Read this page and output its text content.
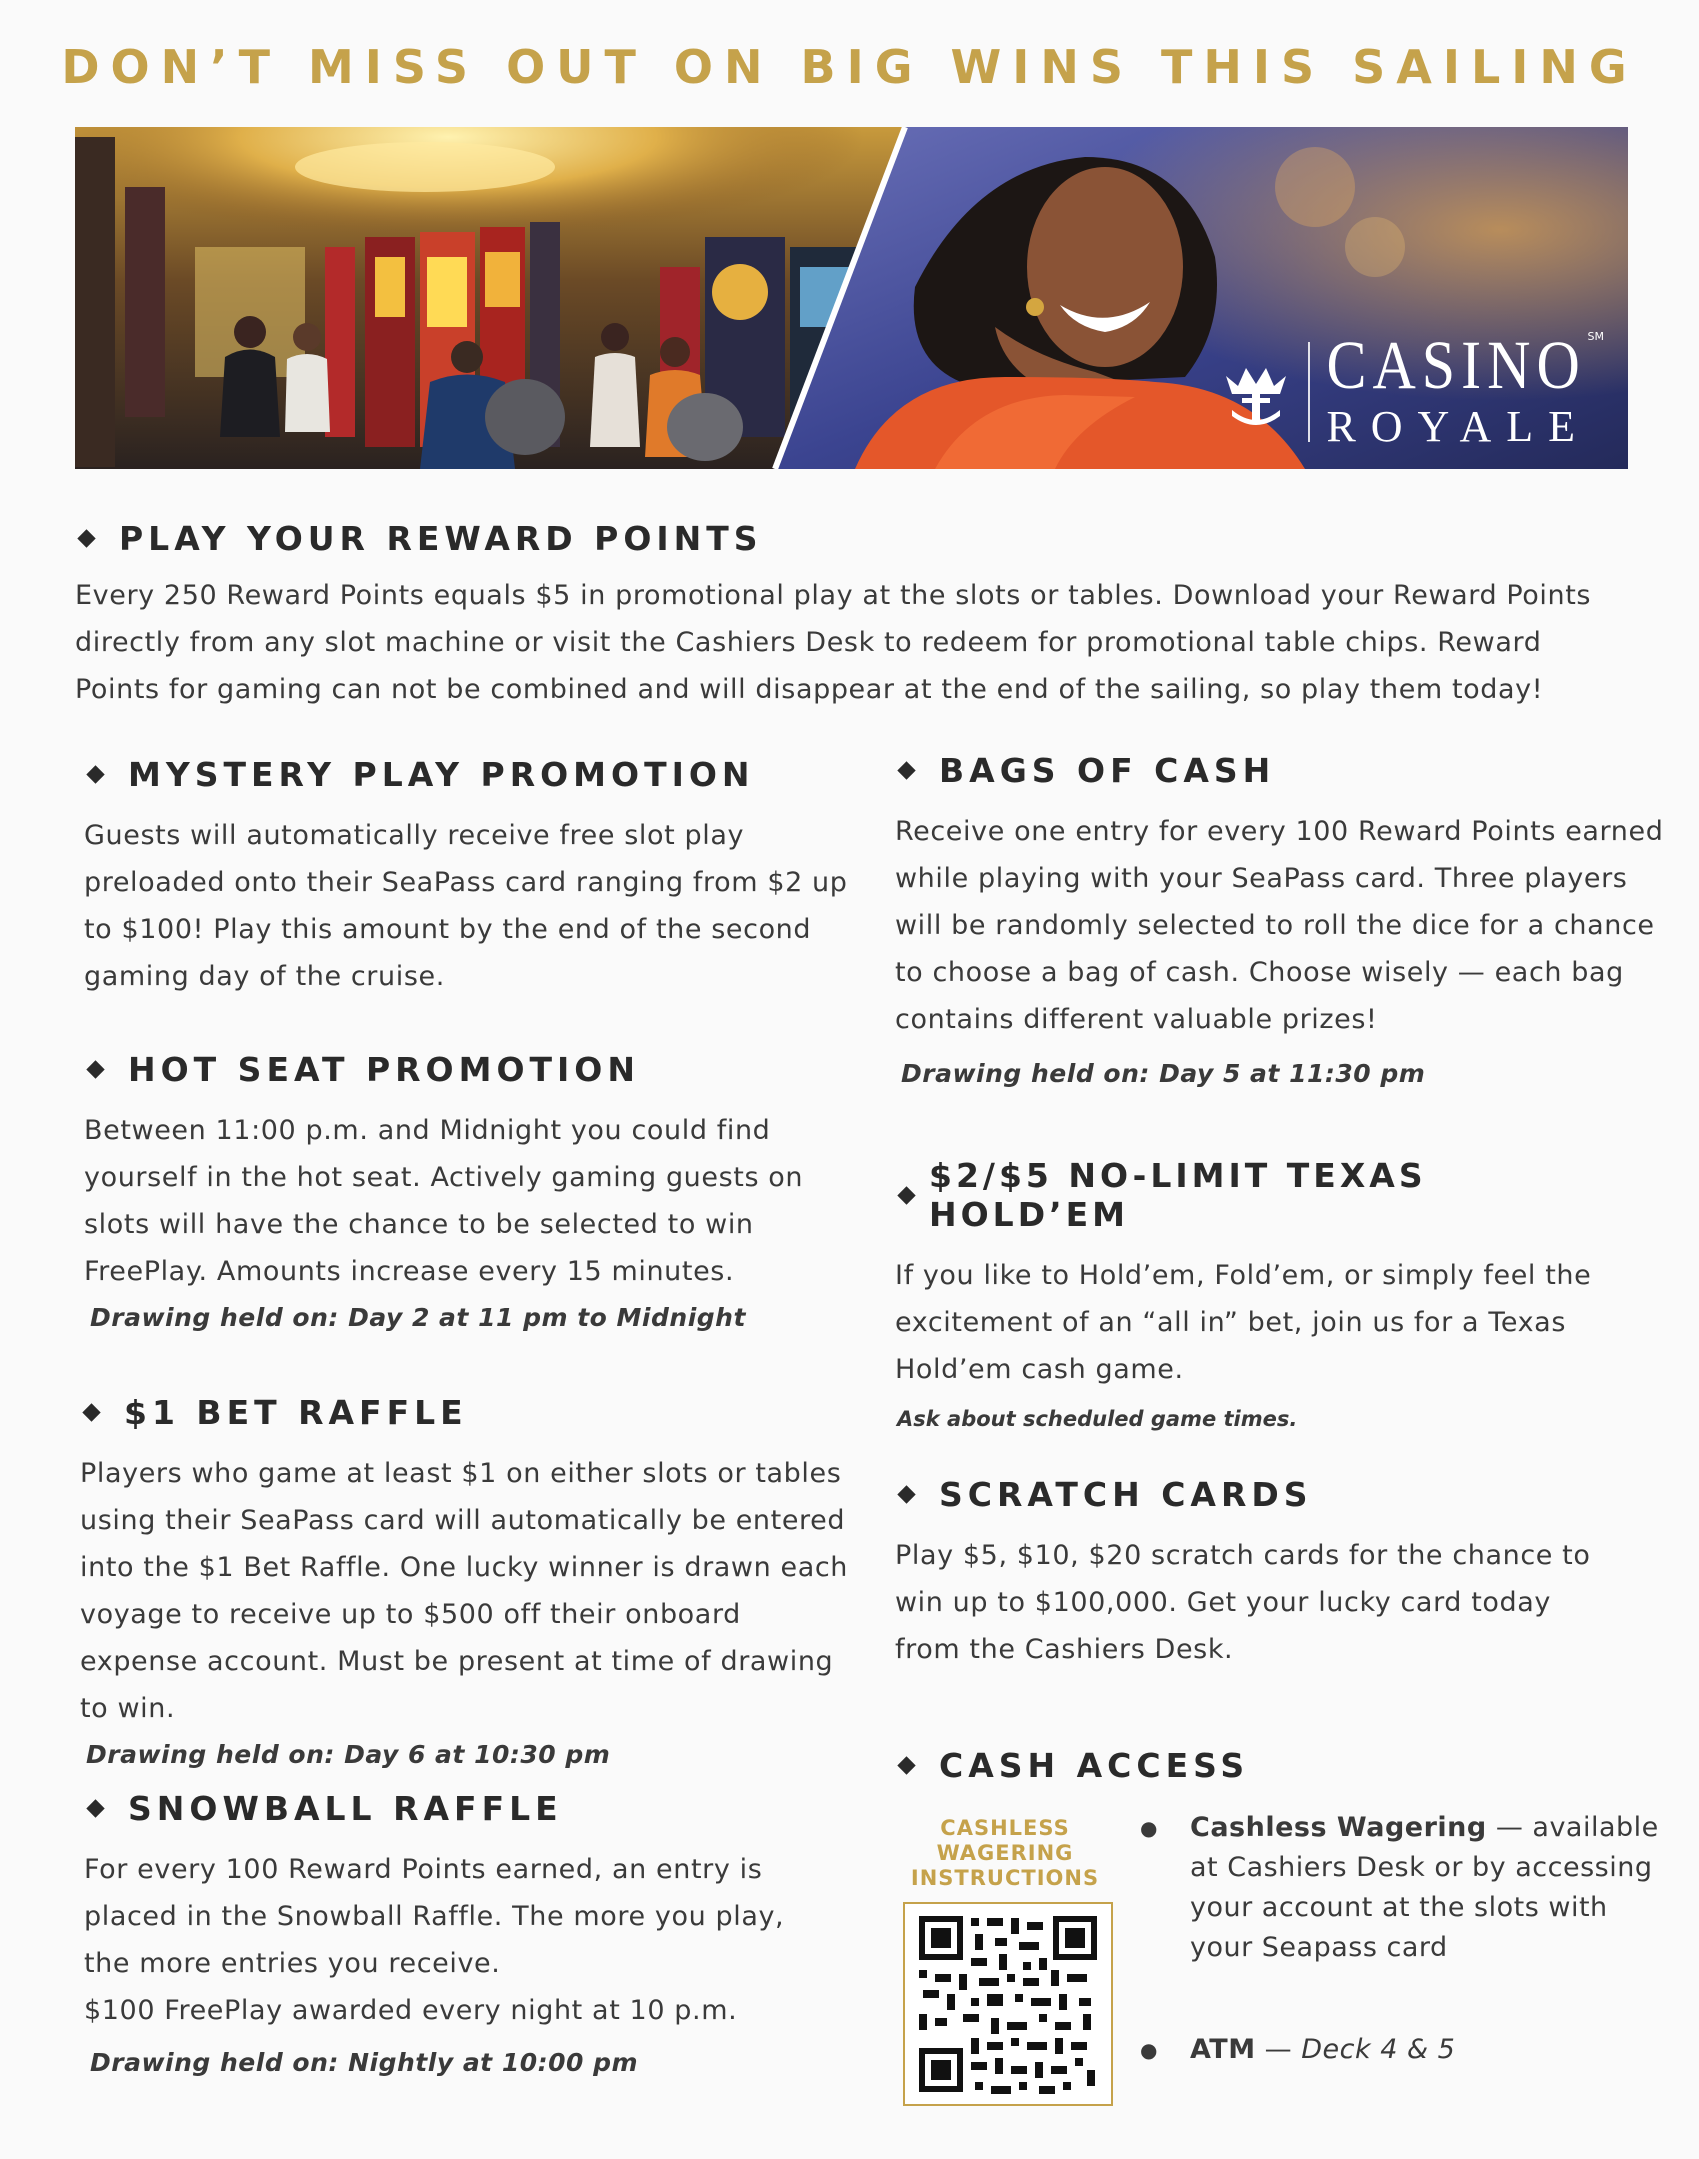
DON’T MISS OUT ON BIG WINS THIS SAILING
CASINO
ROYALE
SM
PLAY YOUR REWARD POINTS

Every 250 Reward Points equals $5 in promotional play at the slots or tables. Download your Reward Points directly from any slot machine or visit the Cashiers Desk to redeem for promotional table chips. Reward Points for gaming can not be combined and will disappear at the end of the sailing, so play them today!

MYSTERY PLAY PROMOTION

Guests will automatically receive free slot play preloaded onto their SeaPass card ranging from $2 up to $100! Play this amount by the end of the second gaming day of the cruise.

HOT SEAT PROMOTION

Between 11:00 p.m. and Midnight you could find yourself in the hot seat. Actively gaming guests on slots will have the chance to be selected to win FreePlay. Amounts increase every 15 minutes.

Drawing held on: Day 2 at 11 pm to Midnight

$1 BET RAFFLE

Players who game at least $1 on either slots or tables using their SeaPass card will automatically be entered into the $1 Bet Raffle. One lucky winner is drawn each voyage to receive up to $500 off their onboard expense account. Must be present at time of drawing to win.

Drawing held on: Day 6 at 10:30 pm

SNOWBALL RAFFLE

For every 100 Reward Points earned, an entry is placed in the Snowball Raffle. The more you play, the more entries you receive.

$100 FreePlay awarded every night at 10 p.m.

Drawing held on: Nightly at 10:00 pm

BAGS OF CASH

Receive one entry for every 100 Reward Points earned while playing with your SeaPass card. Three players will be randomly selected to roll the dice for a chance to choose a bag of cash. Choose wisely — each bag contains different valuable prizes!

Drawing held on: Day 5 at 11:30 pm

$2/$5 NO-LIMIT TEXAS HOLD’EM

If you like to Hold’em, Fold’em, or simply feel the excitement of an “all in” bet, join us for a Texas Hold’em cash game.

Ask about scheduled game times.

SCRATCH CARDS

Play $5, $10, $20 scratch cards for the chance to win up to $100,000. Get your lucky card today from the Cashiers Desk.

CASH ACCESS
CASHLESS
WAGERING
INSTRUCTIONS
●	Cashless Wagering — available at Cashiers Desk or by accessing your account at the slots with your Seapass card
●	ATM — Deck 4 & 5
